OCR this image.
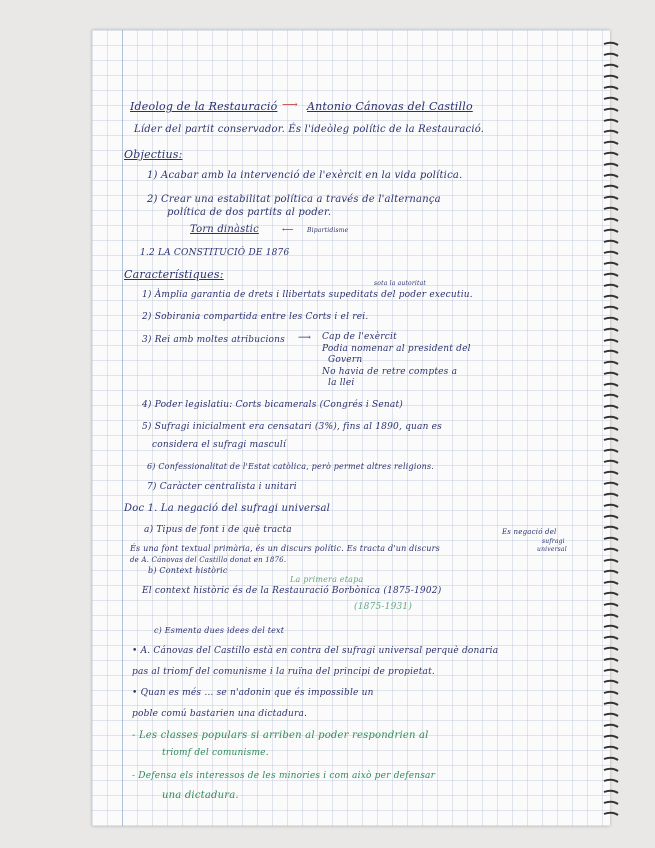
Ideolog de la Restauració ⟶ Antonio Cánovas del Castillo
Líder del partit conservador. És l'ideòleg polític de la Restauració.
Objectius:
1) Acabar amb la intervenció de l'exèrcit en la vida política.
2) Crear una estabilitat política a través de l'alternança
política de dos partits al poder.
Torn dinàstic	⟵ Bipartidisme
1.2 LA CONSTITUCIÓ DE 1876
Característiques:
sota la autoritat
1) Àmplia garantia de drets i llibertats supeditats del poder executiu.
2) Sobirania compartida entre les Corts i el rei.
3) Rei amb moltes atribucions ⟶ Cap de l'exèrcit
Podia nomenar al president del
Govern
No havia de retre comptes a
la llei
4) Poder legislatiu: Corts bicamerals (Congrés i Senat)
5) Sufragi inicialment era censatari (3%), fins al 1890, quan es
considera el sufragi masculí
6) Confessionalitat de l'Estat catòlica, però permet altres religions.
7) Caràcter centralista i unitari
Doc 1. La negació del sufragi universal
a) Tipus de font i de què tracta	Es negació del
sufragi
universal
És una font textual primària, és un discurs polític. Es tracta d'un discurs
de A. Cánovas del Castillo donat en 1876.
b) Context històric
La primera etapa
El context històric és de la Restauració Borbònica (1875-1902)
(1875-1931)
c) Esmenta dues idees del text
• A. Cánovas del Castillo està en contra del sufragi universal perquè donaria
pas al triomf del comunisme i la ruïna del principi de propietat.
• Quan es més … se n'adonin que és impossible un
poble comú bastarien una dictadura.
- Les classes populars si arriben al poder respondrien al
triomf del comunisme.
- Defensa els interessos de les minories i com això per defensar
una dictadura.
